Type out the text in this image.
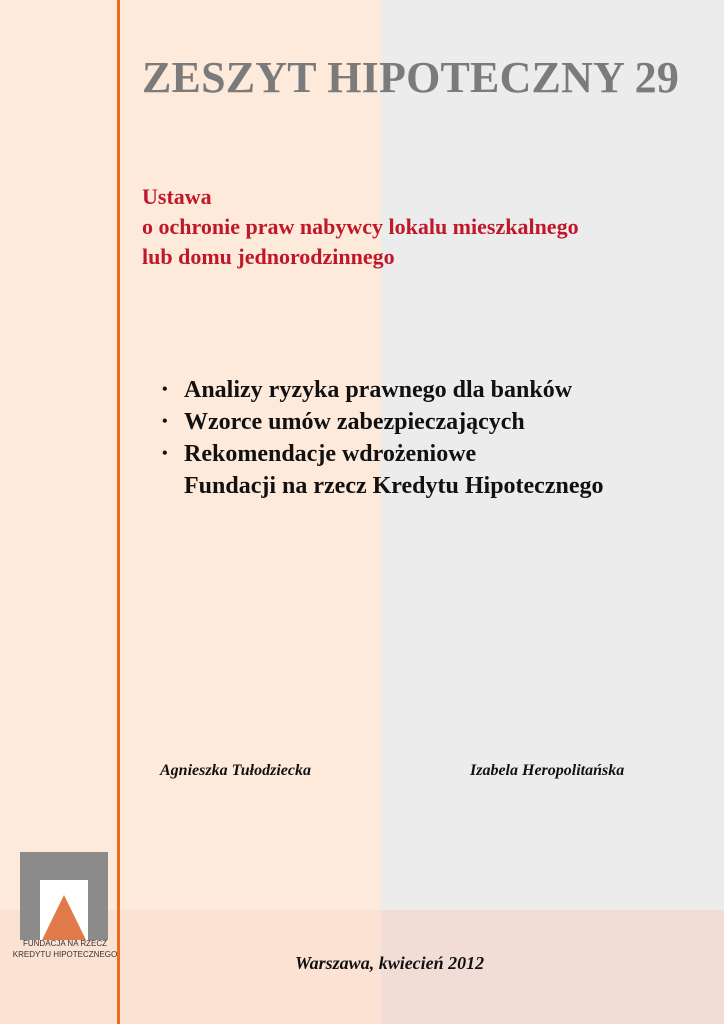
ZESZYT HIPOTECZNY 29
Ustawa
o ochronie praw nabywcy lokalu mieszkalnego
lub domu jednorodzinnego
• Analizy ryzyka prawnego dla banków
• Wzorce umów zabezpieczających
• Rekomendacje wdrożeniowe
Fundacji na rzecz Kredytu Hipotecznego
Agnieszka Tułodziecka	Izabela Heropolitańska
Warszawa, kwiecień 2012
FUNDACJA NA RZECZ
KREDYTU HIPOTECZNEGO
